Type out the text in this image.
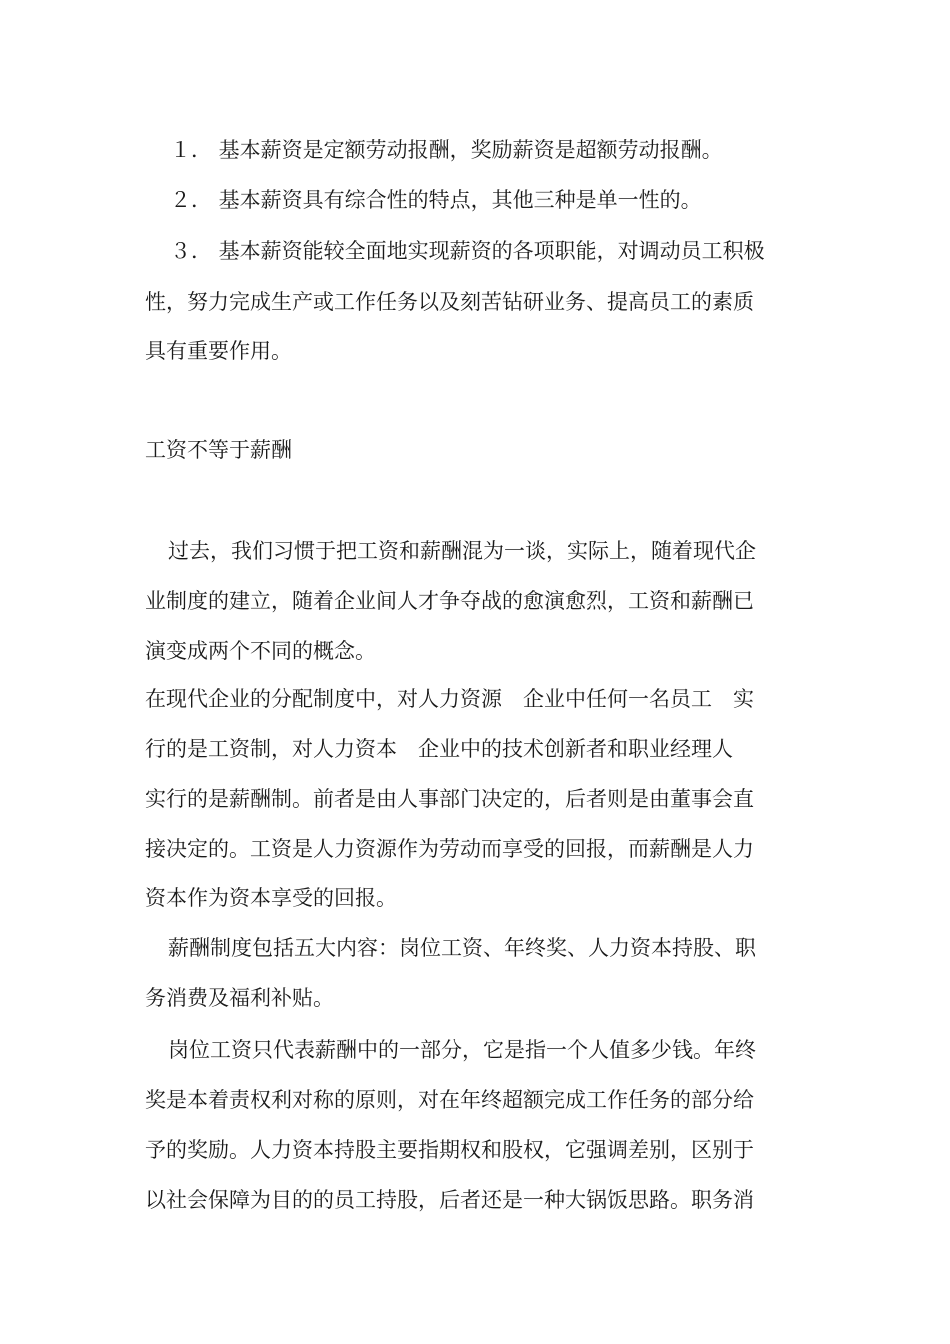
１． 基本薪资是定额劳动报酬，奖励薪资是超额劳动报酬。

２． 基本薪资具有综合性的特点，其他三种是单一性的。

３． 基本薪资能较全面地实现薪资的各项职能，对调动员工积极

性，努力完成生产或工作任务以及刻苦钻研业务、提高员工的素质

具有重要作用。

工资不等于薪酬

过去，我们习惯于把工资和薪酬混为一谈，实际上，随着现代企

业制度的建立，随着企业间人才争夺战的愈演愈烈，工资和薪酬已

演变成两个不同的概念。

在现代企业的分配制度中，对人力资源　企业中任何一名员工　实

行的是工资制，对人力资本　企业中的技术创新者和职业经理人

实行的是薪酬制。前者是由人事部门决定的，后者则是由董事会直

接决定的。工资是人力资源作为劳动而享受的回报，而薪酬是人力

资本作为资本享受的回报。

薪酬制度包括五大内容：岗位工资、年终奖、人力资本持股、职

务消费及福利补贴。

岗位工资只代表薪酬中的一部分，它是指一个人值多少钱。年终

奖是本着责权利对称的原则，对在年终超额完成工作任务的部分给

予的奖励。人力资本持股主要指期权和股权，它强调差别，区别于

以社会保障为目的的员工持股，后者还是一种大锅饭思路。职务消
